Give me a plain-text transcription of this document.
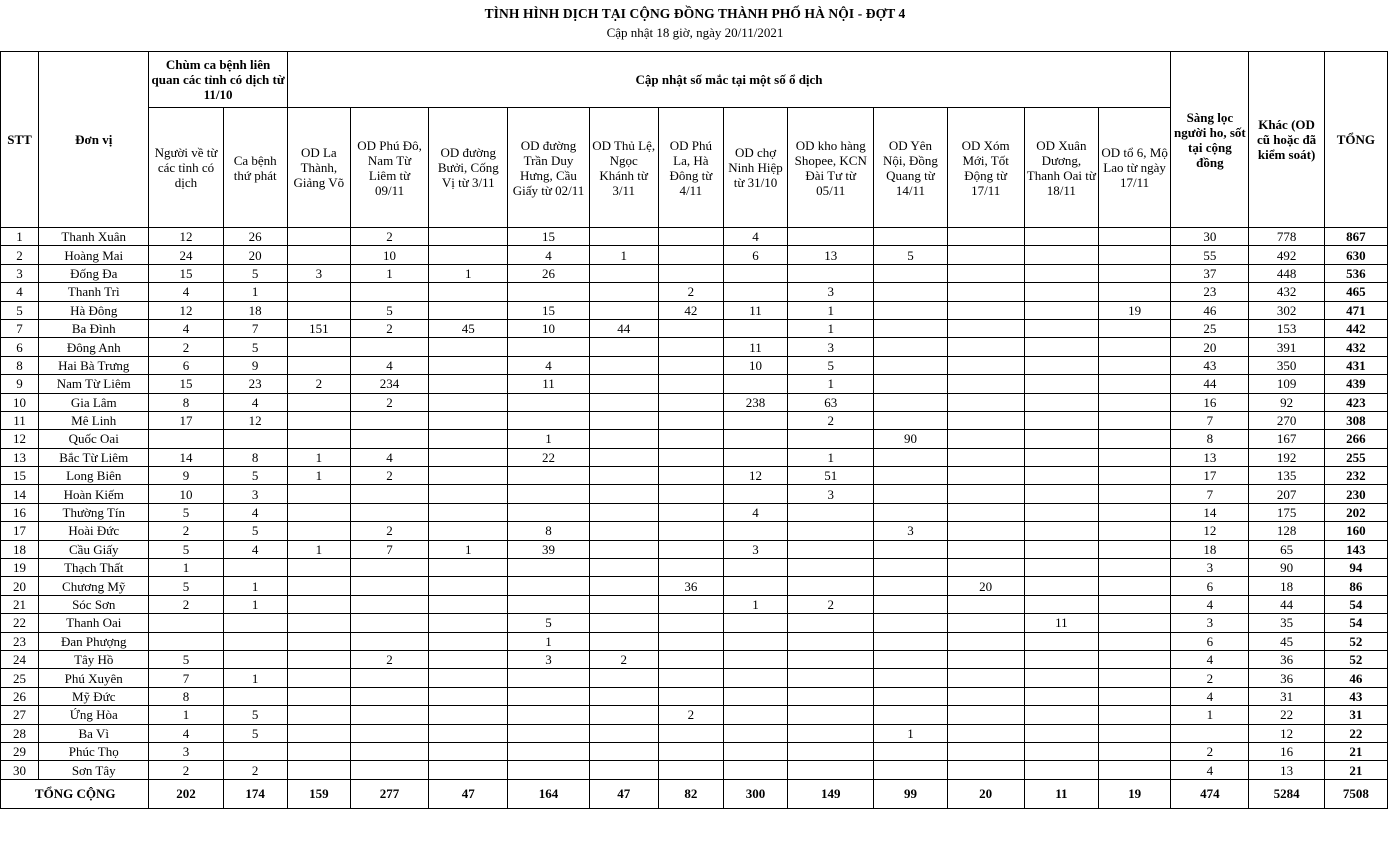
TÌNH HÌNH DỊCH TẠI CỘNG ĐỒNG THÀNH PHỐ HÀ NỘI - ĐỢT 4
Cập nhật 18 giờ, ngày 20/11/2021
STT	Đơn vị	Chùm ca bệnh liên quan các tỉnh có dịch từ 11/10		Cập nhật số mắc tại một số ổ dịch												Sàng lọc người ho, sốt tại cộng đồng	Khác (OD cũ hoặc đã kiểm soát)	TỔNG
		Người về từ các tỉnh có dịch	Ca bệnh thứ phát	OD La Thành, Giảng Võ	OD Phú Đô, Nam Từ Liêm từ 09/11	OD đường Bưởi, Cống Vị từ 3/11	OD đường Trần Duy Hưng, Cầu Giấy từ 02/11	OD Thủ Lệ, Ngọc Khánh từ 3/11	OD Phú La, Hà Đông từ 4/11	OD chợ Ninh Hiệp từ 31/10	OD kho hàng Shopee, KCN Đài Tư từ 05/11	OD Yên Nội, Đồng Quang từ 14/11	OD Xóm Mới, Tốt Động từ 17/11	OD Xuân Dương, Thanh Oai từ 18/11	OD tổ 6, Mộ Lao từ ngày 17/11			
1	Thanh Xuân	12	26		2		15			4						30	778	867
2	Hoàng Mai	24	20		10		4	1		6	13	5				55	492	630
3	Đống Đa	15	5	3	1	1	26									37	448	536
4	Thanh Trì	4	1						2		3					23	432	465
5	Hà Đông	12	18		5		15		42	11	1				19	46	302	471
7	Ba Đình	4	7	151	2	45	10	44			1					25	153	442
6	Đông Anh	2	5							11	3					20	391	432
8	Hai Bà Trưng	6	9		4		4			10	5					43	350	431
9	Nam Từ Liêm	15	23	2	234		11				1					44	109	439
10	Gia Lâm	8	4		2					238	63					16	92	423
11	Mê Linh	17	12								2					7	270	308
12	Quốc Oai						1					90				8	167	266
13	Bắc Từ Liêm	14	8	1	4		22				1					13	192	255
15	Long Biên	9	5	1	2					12	51					17	135	232
14	Hoàn Kiếm	10	3								3					7	207	230
16	Thường Tín	5	4							4						14	175	202
17	Hoài Đức	2	5		2		8					3				12	128	160
18	Cầu Giấy	5	4	1	7	1	39			3						18	65	143
19	Thạch Thất	1														3	90	94
20	Chương Mỹ	5	1						36				20			6	18	86
21	Sóc Sơn	2	1							1	2					4	44	54
22	Thanh Oai						5							11		3	35	54
23	Đan Phượng						1									6	45	52
24	Tây Hồ	5			2		3	2								4	36	52
25	Phú Xuyên	7	1													2	36	46
26	Mỹ Đức	8														4	31	43
27	Ứng Hòa	1	5						2							1	22	31
28	Ba Vì	4	5									1					12	22
29	Phúc Thọ	3														2	16	21
30	Sơn Tây	2	2													4	13	21
TỔNG CỘNG		202	174	159	277	47	164	47	82	300	149	99	20	11	19	474	5284	7508
